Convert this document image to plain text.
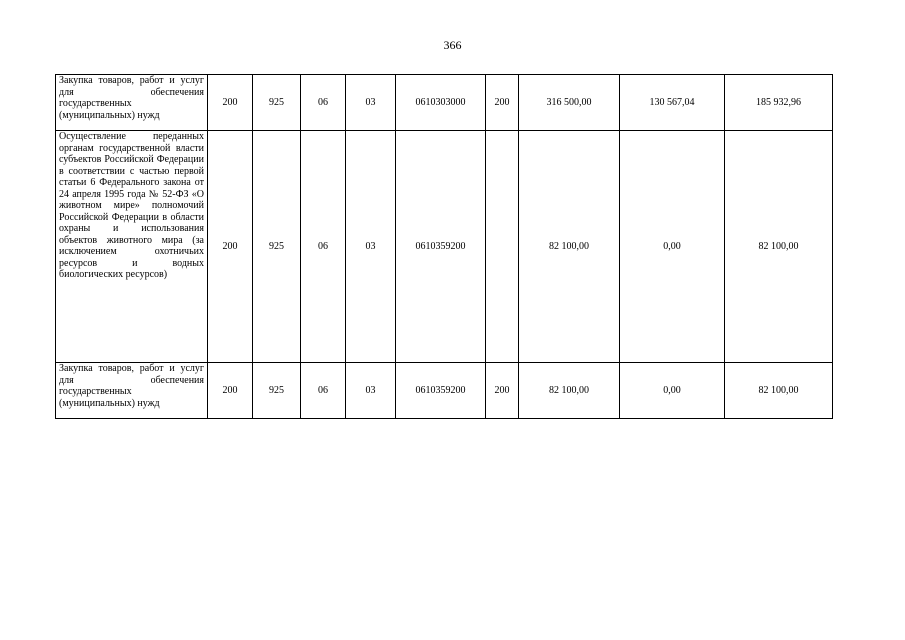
366
Закупка товаров, работ и услуг для обеспечения государственных (муниципальных) нужд	200	925	06	03	0610303000	200	316 500,00	130 567,04	185 932,96

Осуществление переданных органам государственной власти субъектов Российской Федерации в соответствии с частью первой статьи 6 Федерального закона от 24 апреля 1995 года № 52-ФЗ «О животном мире» полномочий Российской Федерации в области охраны и использования объектов животного мира (за исключением охотничьих ресурсов и водных биологических ресурсов)	200	925	06	03	0610359200		82 100,00	0,00	82 100,00

Закупка товаров, работ и услуг для обеспечения государственных (муниципальных) нужд	200	925	06	03	0610359200	200	82 100,00	0,00	82 100,00
